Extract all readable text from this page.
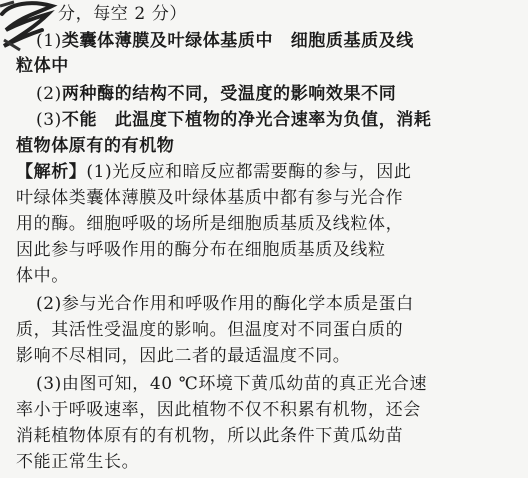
分，每空 2 分）
(1)类囊体薄膜及叶绿体基质中　细胞质基质及线
粒体中
(2)两种酶的结构不同，受温度的影响效果不同
(3)不能　此温度下植物的净光合速率为负值，消耗
植物体原有的有机物
【解析】(1)光反应和暗反应都需要酶的参与，因此
叶绿体类囊体薄膜及叶绿体基质中都有参与光合作
用的酶。细胞呼吸的场所是细胞质基质及线粒体，
因此参与呼吸作用的酶分布在细胞质基质及线粒
体中。
(2)参与光合作用和呼吸作用的酶化学本质是蛋白
质，其活性受温度的影响。但温度对不同蛋白质的
影响不尽相同，因此二者的最适温度不同。
(3)由图可知，40 ℃环境下黄瓜幼苗的真正光合速
率小于呼吸速率，因此植物不仅不积累有机物，还会
消耗植物体原有的有机物，所以此条件下黄瓜幼苗
不能正常生长。
